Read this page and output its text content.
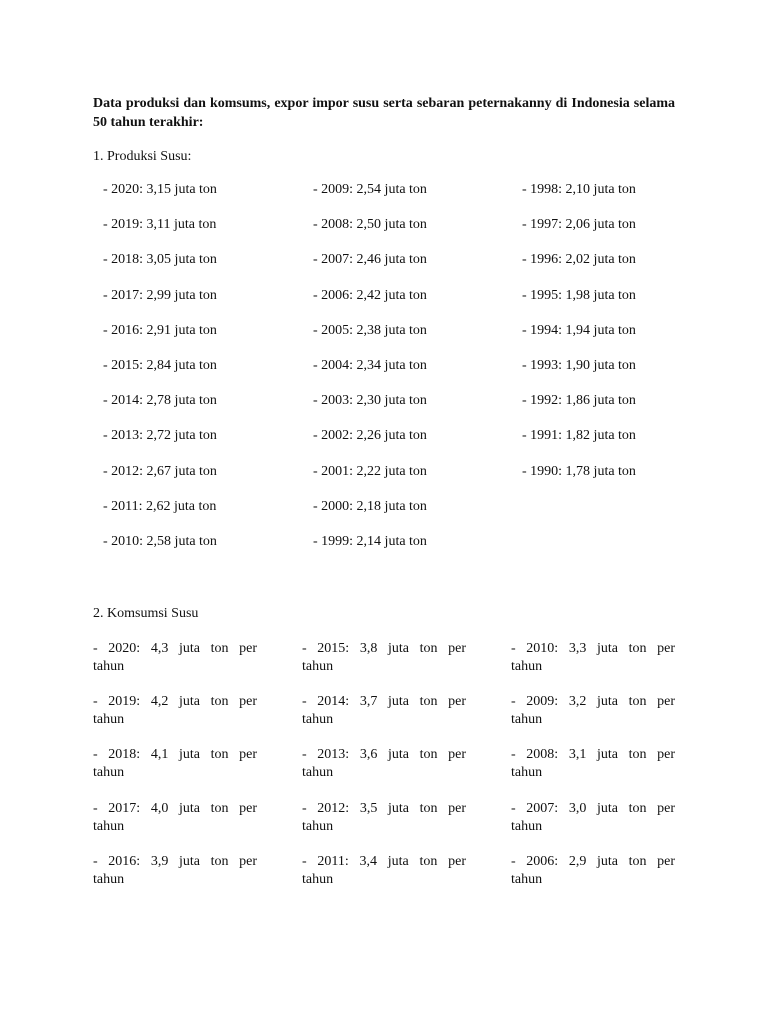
Data produksi dan komsums, expor impor susu serta sebaran peternakanny di Indonesia selama 50 tahun terakhir:
1. Produksi Susu:
- 2020: 3,15 juta ton
- 2019: 3,11 juta ton
- 2018: 3,05 juta ton
- 2017: 2,99 juta ton
- 2016: 2,91 juta ton
- 2015: 2,84 juta ton
- 2014: 2,78 juta ton
- 2013: 2,72 juta ton
- 2012: 2,67 juta ton
- 2011: 2,62 juta ton
- 2010: 2,58 juta ton
- 2009: 2,54 juta ton
- 2008: 2,50 juta ton
- 2007: 2,46 juta ton
- 2006: 2,42 juta ton
- 2005: 2,38 juta ton
- 2004: 2,34 juta ton
- 2003: 2,30 juta ton
- 2002: 2,26 juta ton
- 2001: 2,22 juta ton
- 2000: 2,18 juta ton
- 1999: 2,14 juta ton
- 1998: 2,10 juta ton
- 1997: 2,06 juta ton
- 1996: 2,02 juta ton
- 1995: 1,98 juta ton
- 1994: 1,94 juta ton
- 1993: 1,90 juta ton
- 1992: 1,86 juta ton
- 1991: 1,82 juta ton
- 1990: 1,78 juta ton
2. Komsumsi Susu
- 2020: 4,3 juta ton per
tahun
- 2019: 4,2 juta ton per
tahun
- 2018: 4,1 juta ton per
tahun
- 2017: 4,0 juta ton per
tahun
- 2016: 3,9 juta ton per
tahun
- 2015: 3,8 juta ton per
tahun
- 2014: 3,7 juta ton per
tahun
- 2013: 3,6 juta ton per
tahun
- 2012: 3,5 juta ton per
tahun
- 2011: 3,4 juta ton per
tahun
- 2010: 3,3 juta ton per
tahun
- 2009: 3,2 juta ton per
tahun
- 2008: 3,1 juta ton per
tahun
- 2007: 3,0 juta ton per
tahun
- 2006: 2,9 juta ton per
tahun
